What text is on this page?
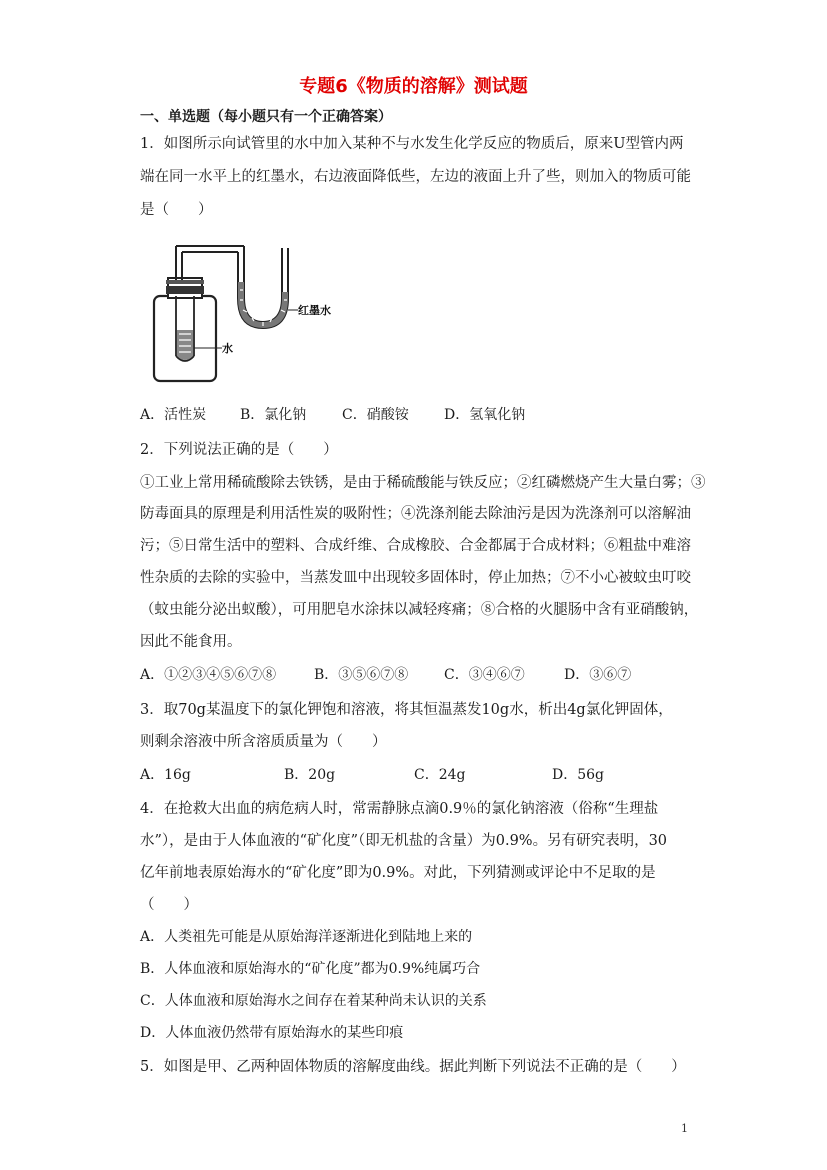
专题6《物质的溶解》测试题
一、单选题（每小题只有一个正确答案）
1．如图所示向试管里的水中加入某种不与水发生化学反应的物质后，原来U型管内两
端在同一水平上的红墨水，右边液面降低些，左边的液面上升了些，则加入的物质可能
是（　　）
红墨水
水
A．活性炭 B．氯化钠	C．硝酸铵	D．氢氧化钠
2．下列说法正确的是（　　）
①工业上常用稀硫酸除去铁锈，是由于稀硫酸能与铁反应；②红磷燃烧产生大量白雾；③
防毒面具的原理是利用活性炭的吸附性；④洗涤剂能去除油污是因为洗涤剂可以溶解油
污；⑤日常生活中的塑料、合成纤维、合成橡胶、合金都属于合成材料；⑥粗盐中难溶
性杂质的去除的实验中，当蒸发皿中出现较多固体时，停止加热；⑦不小心被蚊虫叮咬
（蚊虫能分泌出蚁酸），可用肥皂水涂抹以减轻疼痛；⑧合格的火腿肠中含有亚硝酸钠，
因此不能食用。
A．①②③④⑤⑥⑦⑧	B．③⑤⑥⑦⑧	C．③④⑥⑦	D．③⑥⑦
3．取70g某温度下的氯化钾饱和溶液，将其恒温蒸发10g水，析出4g氯化钾固体，
则剩余溶液中所含溶质质量为（　　）
A．16g	B．20g	C．24g	D．56g
4．在抢救大出血的病危病人时，常需静脉点滴0.9％的氯化钠溶液（俗称“生理盐
水”），是由于人体血液的“矿化度”（即无机盐的含量）为0.9%。另有研究表明，30
亿年前地表原始海水的“矿化度”即为0.9%。对此，下列猜测或评论中不足取的是
（　　）
A．人类祖先可能是从原始海洋逐渐进化到陆地上来的
B．人体血液和原始海水的“矿化度”都为0.9%纯属巧合
C．人体血液和原始海水之间存在着某种尚未认识的关系
D．人体血液仍然带有原始海水的某些印痕
5．如图是甲、乙两种固体物质的溶解度曲线。据此判断下列说法不正确的是（　　）
1
